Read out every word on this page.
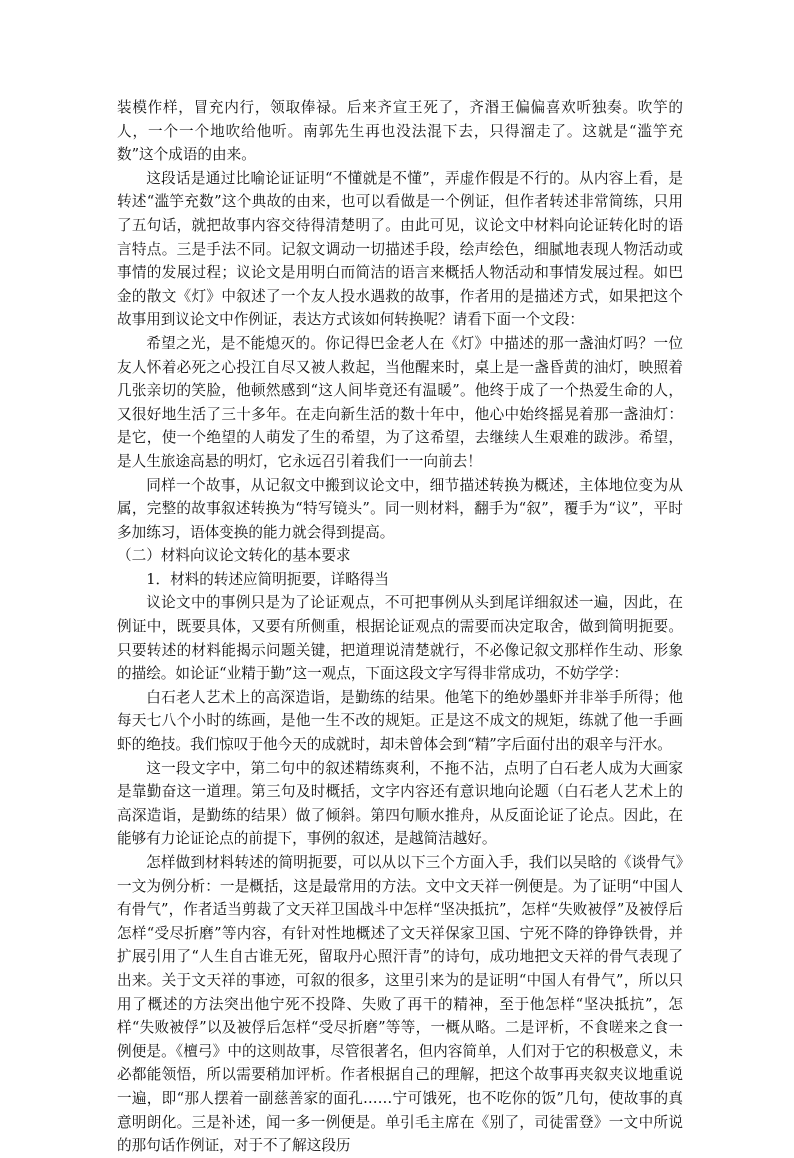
装模作样，冒充内行，领取俸禄。后来齐宣王死了，齐湣王偏偏喜欢听独奏。吹竽的人，一个一个地吹给他听。南郭先生再也没法混下去，只得溜走了。这就是“滥竽充数”这个成语的由来。

这段话是通过比喻论证证明“不懂就是不懂”，弄虚作假是不行的。从内容上看，是转述“滥竽充数”这个典故的由来，也可以看做是一个例证，但作者转述非常简练，只用了五句话，就把故事内容交待得清楚明了。由此可见，议论文中材料向论证转化时的语言特点。三是手法不同。记叙文调动一切描述手段，绘声绘色，细腻地表现人物活动或事情的发展过程；议论文是用明白而简洁的语言来概括人物活动和事情发展过程。如巴金的散文《灯》中叙述了一个友人投水遇救的故事，作者用的是描述方式，如果把这个故事用到议论文中作例证，表达方式该如何转换呢？请看下面一个文段：

希望之光，是不能熄灭的。你记得巴金老人在《灯》中描述的那一盏油灯吗？一位友人怀着必死之心投江自尽又被人救起，当他醒来时，桌上是一盏昏黄的油灯，映照着几张亲切的笑脸，他顿然感到“这人间毕竟还有温暖”。他终于成了一个热爱生命的人，又很好地生活了三十多年。在走向新生活的数十年中，他心中始终摇晃着那一盏油灯：是它，使一个绝望的人萌发了生的希望，为了这希望，去继续人生艰难的跋涉。希望，是人生旅途高悬的明灯，它永远召引着我们一一向前去！

同样一个故事，从记叙文中搬到议论文中，细节描述转换为概述，主体地位变为从属，完整的故事叙述转换为“特写镜头”。同一则材料，翻手为“叙”，覆手为“议”，平时多加练习，语体变换的能力就会得到提高。

（二）材料向议论文转化的基本要求

1．材料的转述应简明扼要，详略得当

议论文中的事例只是为了论证观点，不可把事例从头到尾详细叙述一遍，因此，在例证中，既要具体，又要有所侧重，根据论证观点的需要而决定取舍，做到简明扼要。只要转述的材料能揭示问题关键，把道理说清楚就行，不必像记叙文那样作生动、形象的描绘。如论证“业精于勤”这一观点，下面这段文字写得非常成功，不妨学学：

白石老人艺术上的高深造诣，是勤练的结果。他笔下的绝妙墨虾并非举手所得；他每天七八个小时的练画，是他一生不改的规矩。正是这不成文的规矩，练就了他一手画虾的绝技。我们惊叹于他今天的成就时，却未曾体会到“精”字后面付出的艰辛与汗水。

这一段文字中，第二句中的叙述精练爽利，不拖不沾，点明了白石老人成为大画家是靠勤奋这一道理。第三句及时概括，文字内容还有意识地向论题（白石老人艺术上的高深造诣，是勤练的结果）做了倾斜。第四句顺水推舟，从反面论证了论点。因此，在能够有力论证论点的前提下，事例的叙述，是越简洁越好。

怎样做到材料转述的简明扼要，可以从以下三个方面入手，我们以吴晗的《谈骨气》一文为例分析：一是概括，这是最常用的方法。文中文天祥一例便是。为了证明“中国人有骨气”，作者适当剪裁了文天祥卫国战斗中怎样“坚决抵抗”，怎样“失败被俘”及被俘后怎样“受尽折磨”等内容，有针对性地概述了文天祥保家卫国、宁死不降的铮铮铁骨，并扩展引用了“人生自古谁无死，留取丹心照汗青”的诗句，成功地把文天祥的骨气表现了出来。关于文天祥的事迹，可叙的很多，这里引来为的是证明“中国人有骨气”，所以只用了概述的方法突出他宁死不投降、失败了再干的精神，至于他怎样“坚决抵抗”，怎样“失败被俘”以及被俘后怎样“受尽折磨”等等，一概从略。二是评析，不食嗟来之食一例便是。《檀弓》中的这则故事，尽管很著名，但内容简单，人们对于它的积极意义，未必都能领悟，所以需要稍加评析。作者根据自己的理解，把这个故事再夹叙夹议地重说一遍，即“那人摆着一副慈善家的面孔……宁可饿死，也不吃你的饭”几句，使故事的真意明朗化。三是补述，闻一多一例便是。单引毛主席在《别了，司徒雷登》一文中所说的那句话作例证，对于不了解这段历
